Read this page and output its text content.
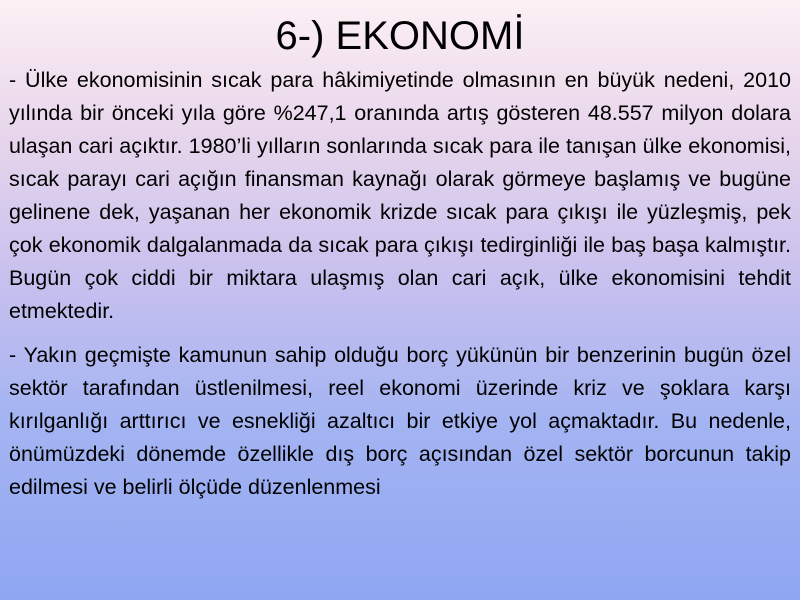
6-) EKONOMİ

- Ülke ekonomisinin sıcak para hâkimiyetinde olmasının en büyük nedeni, 2010 yılında bir önceki yıla göre %247,1 oranında artış gösteren 48.557 milyon dolara ulaşan cari açıktır. 1980’li yılların sonlarında sıcak para ile tanışan ülke ekonomisi, sıcak parayı cari açığın finansman kaynağı olarak görmeye başlamış ve bugüne gelinene dek, yaşanan her ekonomik krizde sıcak para çıkışı ile yüzleşmiş, pek çok ekonomik dalgalanmada da sıcak para çıkışı tedirginliği ile baş başa kalmıştır. Bugün çok ciddi bir miktara ulaşmış olan cari açık, ülke ekonomisini tehdit etmektedir.

- Yakın geçmişte kamunun sahip olduğu borç yükünün bir benzerinin bugün özel sektör tarafından üstlenilmesi, reel ekonomi üzerinde kriz ve şoklara karşı kırılganlığı arttırıcı ve esnekliği azaltıcı bir etkiye yol açmaktadır. Bu nedenle, önümüzdeki dönemde özellikle dış borç açısından özel sektör borcunun takip edilmesi ve belirli ölçüde düzenlenmesi
